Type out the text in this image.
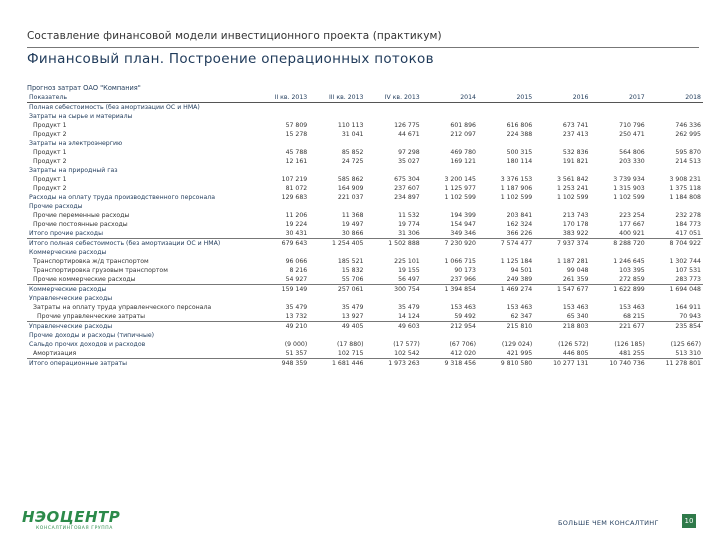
Составление финансовой модели инвестиционного проекта (практикум)
Финансовый план. Построение операционных потоков
Прогноз затрат ОАО "Компания"
Показатель	II кв. 2013	III кв. 2013	IV кв. 2013	2014	2015	2016	2017	2018
Полная себестоимость (без амортизации ОС и НМА)								
Затраты на сырье и материалы								
Продукт 1	57 809	110 113	126 775	601 896	616 806	673 741	710 796	746 336
Продукт 2	15 278	31 041	44 671	212 097	224 388	237 413	250 471	262 995
Затраты на электроэнергию								
Продукт 1	45 788	85 852	97 298	469 780	500 315	532 836	564 806	595 870
Продукт 2	12 161	24 725	35 027	169 121	180 114	191 821	203 330	214 513
Затраты на природный газ								
Продукт 1	107 219	585 862	675 304	3 200 145	3 376 153	3 561 842	3 739 934	3 908 231
Продукт 2	81 072	164 909	237 607	1 125 977	1 187 906	1 253 241	1 315 903	1 375 118
Расходы на оплату труда производственного персонала	129 683	221 037	234 897	1 102 599	1 102 599	1 102 599	1 102 599	1 184 808
Прочие расходы								
Прочие переменные расходы	11 206	11 368	11 532	194 399	203 841	213 743	223 254	232 278
Прочие постоянные расходы	19 224	19 497	19 774	154 947	162 324	170 178	177 667	184 773
Итого прочие расходы	30 431	30 866	31 306	349 346	366 226	383 922	400 921	417 051
Итого полная себестоимость (без амортизации ОС и НМА)	679 643	1 254 405	1 502 888	7 230 920	7 574 477	7 937 374	8 288 720	8 704 922
Коммерческие расходы								
Транспортировка ж/д транспортом	96 066	185 521	225 101	1 066 715	1 125 184	1 187 281	1 246 645	1 302 744
Транспортировка грузовым транспортом	8 216	15 832	19 155	90 173	94 501	99 048	103 395	107 531
Прочие коммерческие расходы	54 927	55 706	56 497	237 966	249 389	261 359	272 859	283 773
Коммерческие расходы	159 149	257 061	300 754	1 394 854	1 469 274	1 547 677	1 622 899	1 694 048
Управленческие расходы								
Затраты на оплату труда управленческого персонала	35 479	35 479	35 479	153 463	153 463	153 463	153 463	164 911
Прочие управленческие затраты	13 732	13 927	14 124	59 492	62 347	65 340	68 215	70 943
Управленческие расходы	49 210	49 405	49 603	212 954	215 810	218 803	221 677	235 854
Прочие доходы и расходы (типичные)								
Сальдо прочих доходов и расходов	(9 000)	(17 880)	(17 577)	(67 706)	(129 024)	(126 572)	(126 185)	(125 667)
Амортизация	51 357	102 715	102 542	412 020	421 995	446 805	481 255	513 310
Итого операционные затраты	948 359	1 681 446	1 973 263	9 318 456	9 810 580	10 277 131	10 740 736	11 278 801
НЭОЦЕНТР
КОНСАЛТИНГОВАЯ ГРУППА
БОЛЬШЕ ЧЕМ КОНСАЛТИНГ	10
